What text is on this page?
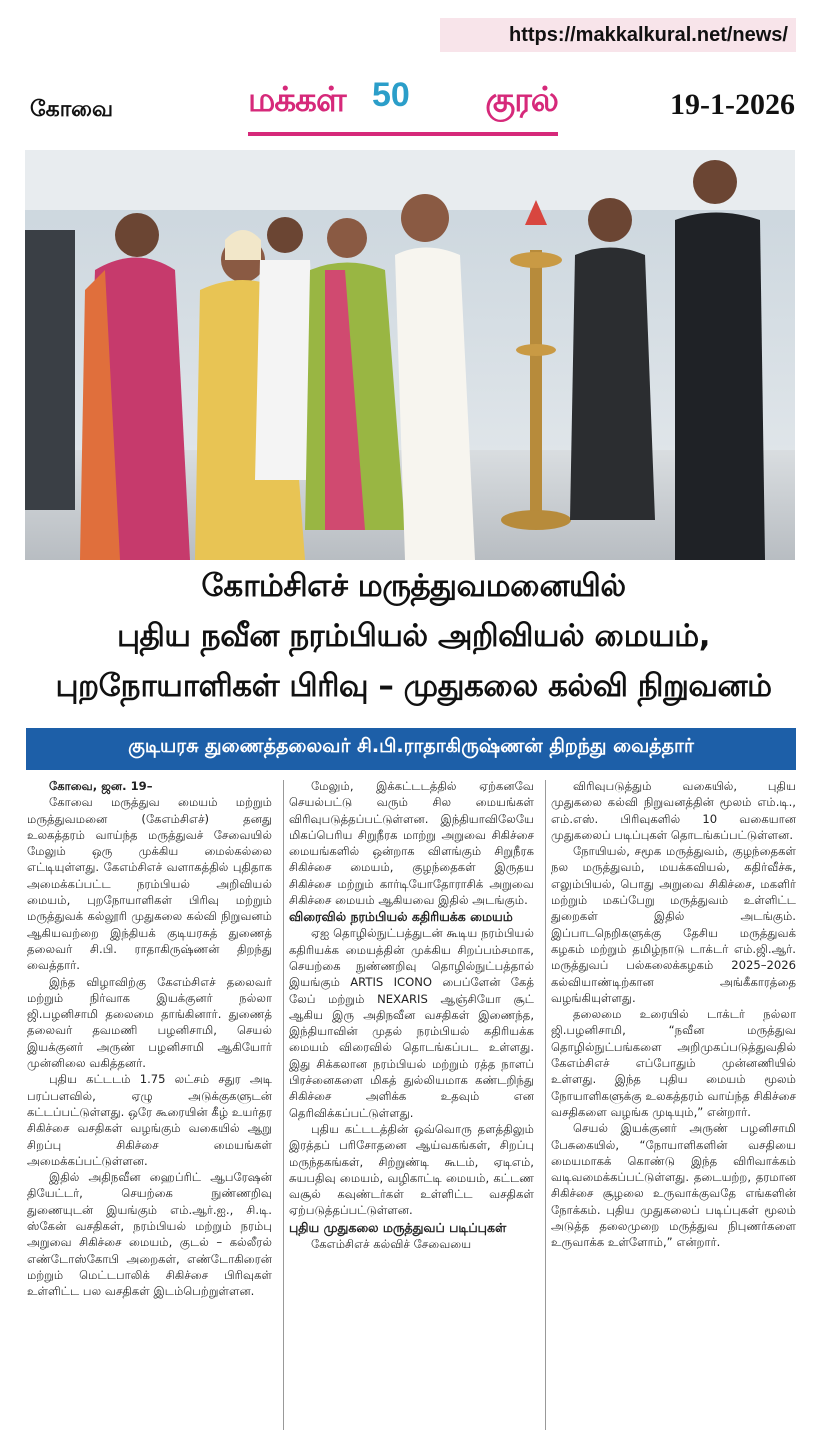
https://makkalkural.net/news/
கோவை	மக்கள் 50 குரல்	19-1-2026
கோம்சிஎச் மருத்துவமனையில்
புதிய நவீன நரம்பியல் அறிவியல் மையம்,
புறநோயாளிகள் பிரிவு – முதுகலை கல்வி நிறுவனம்
குடியரசு துணைத்தலைவர் சி.பி.ராதாகிருஷ்ணன் திறந்து வைத்தார்

கோவை, ஜன. 19–

கோவை மருத்துவ மையம் மற்றும் மருத்துவமனை (கேஎம்சிஎச்) தனது உலகத்தரம் வாய்ந்த மருத்துவச் சேவையில் மேலும் ஒரு முக்கிய மைல்கல்லை எட்டியுள்ளது. கேஎம்சிஎச் வளாகத்தில் புதிதாக அமைக்கப்பட்ட நரம்பியல் அறிவியல் மையம், புறநோயாளிகள் பிரிவு மற்றும் மருத்துவக் கல்லூரி முதுகலை கல்வி நிறுவனம் ஆகியவற்றை இந்தியக் குடியரசுத் துணைத் தலைவர் சி.பி. ராதாகிருஷ்ணன் திறந்து வைத்தார்.

இந்த விழாவிற்கு கேஎம்சிஎச் தலைவர் மற்றும் நிர்வாக இயக்குனர் நல்லா ஜி.பழனிசாமி தலைமை தாங்கினார். துணைத் தலைவர் தவமணி பழனிசாமி, செயல் இயக்குனர் அருண் பழனிசாமி ஆகியோர் முன்னிலை வகித்தனர்.

புதிய கட்டடம் 1.75 லட்சம் சதுர அடி பரப்பளவில், ஏழு அடுக்குகளுடன் கட்டப்பட்டுள்ளது. ஒரே கூரையின் கீழ் உயர்தர சிகிச்சை வசதிகள் வழங்கும் வகையில் ஆறு சிறப்பு சிகிச்சை மையங்கள் அமைக்கப்பட்டுள்ளன.

இதில் அதிநவீன ஹைப்ரிட் ஆபரேஷன் தியேட்டர், செயற்கை நுண்ணறிவு துணையுடன் இயங்கும் எம்.ஆர்.ஐ., சி.டி. ஸ்கேன் வசதிகள், நரம்பியல் மற்றும் நரம்பு அறுவை சிகிச்சை மையம், குடல் – கல்லீரல் எண்டோஸ்கோபி அறைகள், எண்டோகிரைன் மற்றும் மெட்டபாலிக் சிகிச்சை பிரிவுகள் உள்ளிட்ட பல வசதிகள் இடம்பெற்றுள்ளன.

மேலும், இக்கட்டடத்தில் ஏற்கனவே செயல்பட்டு வரும் சில மையங்கள் விரிவுபடுத்தப்பட்டுள்ளன. இந்தியாவிலேயே மிகப்பெரிய சிறுநீரக மாற்று அறுவை சிகிச்சை மையங்களில் ஒன்றாக விளங்கும் சிறுநீரக சிகிச்சை மையம், குழந்தைகள் இருதய சிகிச்சை மற்றும் கார்டியோதோராசிக் அறுவை சிகிச்சை மையம் ஆகியவை இதில் அடங்கும்.

விரைவில் நரம்பியல் கதிரியக்க மையம்

ஏஐ தொழில்நுட்பத்துடன் கூடிய நரம்பியல் கதிரியக்க மையத்தின் முக்கிய சிறப்பம்சமாக, செயற்கை நுண்ணறிவு தொழில்நுட்பத்தால் இயங்கும் ARTIS ICONO பைப்ளேன் கேத் லேப் மற்றும் NEXARIS ஆஞ்சியோ சூட் ஆகிய இரு அதிநவீன வசதிகள் இணைந்த, இந்தியாவின் முதல் நரம்பியல் கதிரியக்க மையம் விரைவில் தொடங்கப்பட உள்ளது. இது சிக்கலான நரம்பியல் மற்றும் ரத்த நாளப் பிரச்னைகளை மிகத் துல்லியமாக கண்டறிந்து சிகிச்சை அளிக்க உதவும் என தெரிவிக்கப்பட்டுள்ளது.

புதிய கட்டடத்தின் ஒவ்வொரு தளத்திலும் இரத்தப் பரிசோதனை ஆய்வகங்கள், சிறப்பு மருந்தகங்கள், சிற்றுண்டி கூடம், ஏடிஎம், சுயபதிவு மையம், வழிகாட்டி மையம், கட்டண வசூல் கவுண்டர்கள் உள்ளிட்ட வசதிகள் ஏற்படுத்தப்பட்டுள்ளன.

புதிய முதுகலை மருத்துவப் படிப்புகள்

கேஎம்சிஎச் கல்விச் சேவையை

விரிவுபடுத்தும் வகையில், புதிய முதுகலை கல்வி நிறுவனத்தின் மூலம் எம்.டி., எம்.எஸ். பிரிவுகளில் 10 வகையான முதுகலைப் படிப்புகள் தொடங்கப்பட்டுள்ளன.

நோயியல், சமூக மருத்துவம், குழந்தைகள் நல மருத்துவம், மயக்கவியல், கதிர்வீச்சு, எலும்பியல், பொது அறுவை சிகிச்சை, மகளிர் மற்றும் மகப்பேறு மருத்துவம் உள்ளிட்ட துறைகள் இதில் அடங்கும். இப்பாடநெறிகளுக்கு தேசிய மருத்துவக் கழகம் மற்றும் தமிழ்நாடு டாக்டர் எம்.ஜி.ஆர். மருத்துவப் பல்கலைக்கழகம் 2025–2026 கல்வியாண்டிற்கான அங்கீகாரத்தை வழங்கியுள்ளது.

தலைமை உரையில் டாக்டர் நல்லா ஜி.பழனிசாமி, “நவீன மருத்துவ தொழில்நுட்பங்களை அறிமுகப்படுத்துவதில் கேஎம்சிஎச் எப்போதும் முன்னணியில் உள்ளது. இந்த புதிய மையம் மூலம் நோயாளிகளுக்கு உலகத்தரம் வாய்ந்த சிகிச்சை வசதிகளை வழங்க முடியும்,” என்றார்.

செயல் இயக்குனர் அருண் பழனிசாமி பேசுகையில், “நோயாளிகளின் வசதியை மையமாகக் கொண்டு இந்த விரிவாக்கம் வடிவமைக்கப்பட்டுள்ளது. தடையற்ற, தரமான சிகிச்சை சூழலை உருவாக்குவதே எங்களின் நோக்கம். புதிய முதுகலைப் படிப்புகள் மூலம் அடுத்த தலைமுறை மருத்துவ நிபுணர்களை உருவாக்க உள்ளோம்,” என்றார்.
